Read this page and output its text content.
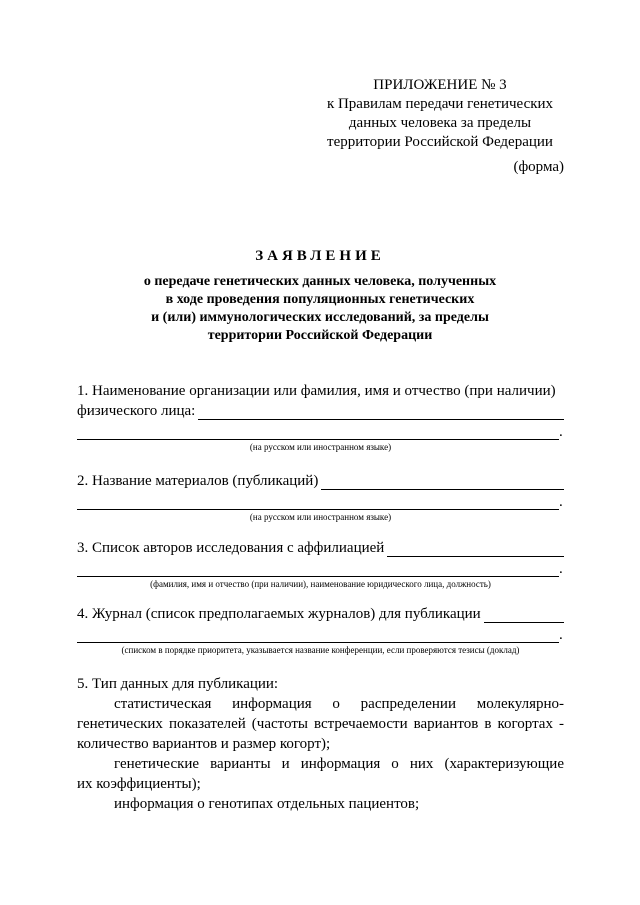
ПРИЛОЖЕНИЕ № 3
к Правилам передачи генетических
данных человека за пределы
территории Российской Федерации
(форма)
ЗАЯВЛЕНИЕ
о передаче генетических данных человека, полученных
в ходе проведения популяционных генетических
и (или) иммунологических исследований, за пределы
территории Российской Федерации
1. Наименование организации или фамилия, имя и отчество (при наличии)
физического лица:
.
(на русском или иностранном языке)
2. Название материалов (публикаций)
.
(на русском или иностранном языке)
3. Список авторов исследования с аффилиацией
.
(фамилия, имя и отчество (при наличии), наименование юридического лица, должность)
4. Журнал (список предполагаемых журналов) для публикации
.
(списком в порядке приоритета, указывается название конференции, если проверяются тезисы (доклад)
5. Тип данных для публикации:
статистическая информация о распределении молекулярно-
генетических показателей (частоты встречаемости вариантов в когортах -
количество вариантов и размер когорт);
генетические варианты и информация о них (характеризующие
их коэффициенты);
информация о генотипах отдельных пациентов;
